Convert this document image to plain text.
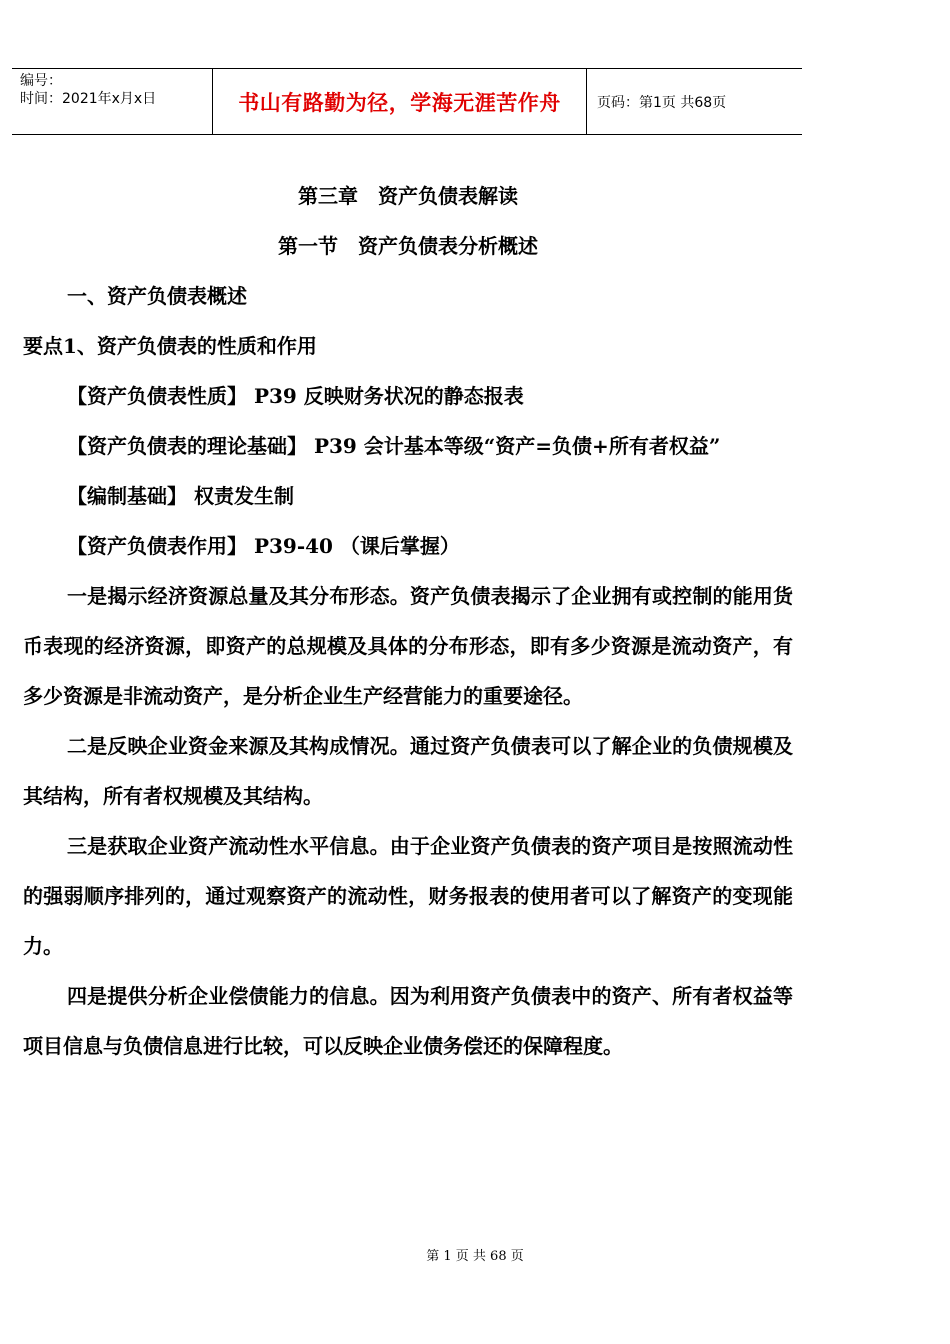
编号：
时间：2021年x月x日	书山有路勤为径，学海无涯苦作舟	页码：第1页 共68页
第三章　资产负债表解读
第一节　资产负债表分析概述

一、资产负债表概述

要点1、资产负债表的性质和作用

【资产负债表性质】 P39 反映财务状况的静态报表

【资产负债表的理论基础】 P39 会计基本等级“资产=负债+所有者权益”

【编制基础】 权责发生制

【资产负债表作用】 P39-40 （课后掌握）

一是揭示经济资源总量及其分布形态。资产负债表揭示了企业拥有或控制的能用货币表现的经济资源，即资产的总规模及具体的分布形态，即有多少资源是流动资产，有多少资源是非流动资产，是分析企业生产经营能力的重要途径。

二是反映企业资金来源及其构成情况。通过资产负债表可以了解企业的负债规模及其结构，所有者权规模及其结构。

三是获取企业资产流动性水平信息。由于企业资产负债表的资产项目是按照流动性的强弱顺序排列的，通过观察资产的流动性，财务报表的使用者可以了解资产的变现能力。

四是提供分析企业偿债能力的信息。因为利用资产负债表中的资产、所有者权益等项目信息与负债信息进行比较，可以反映企业债务偿还的保障程度。

第 1 页 共 68 页
